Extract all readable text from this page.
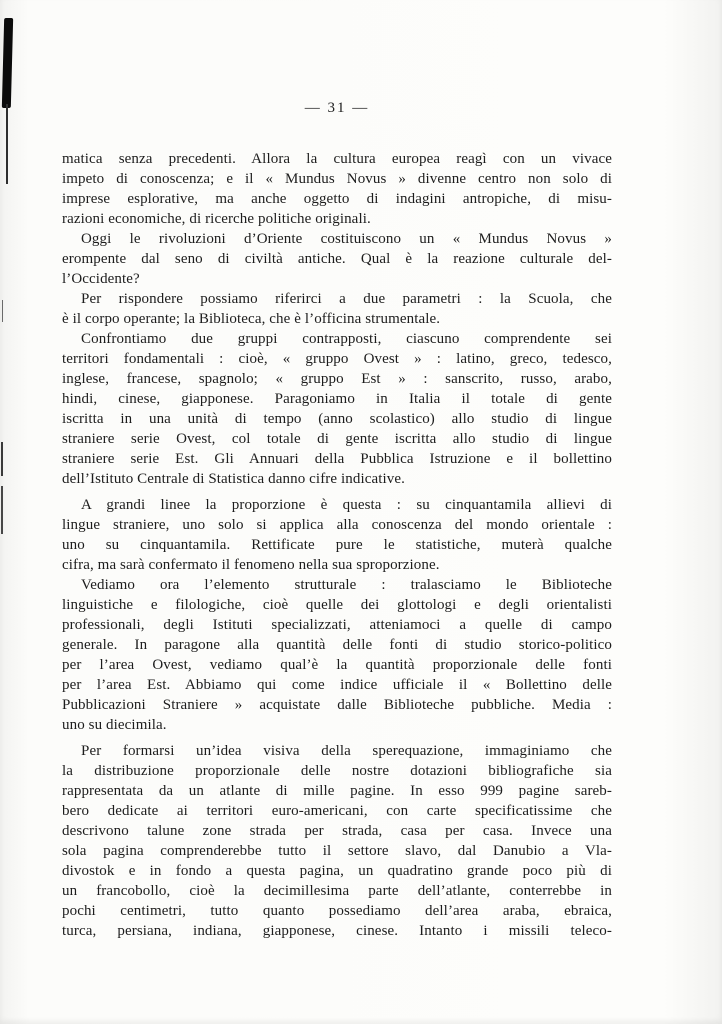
— 31 —
matica senza precedenti. Allora la cultura europea reagì con un vivace
impeto di conoscenza; e il « Mundus Novus » divenne centro non solo di
imprese esplorative, ma anche oggetto di indagini antropiche, di misu-
razioni economiche, di ricerche politiche originali.
Oggi le rivoluzioni d’Oriente costituiscono un « Mundus Novus »
erompente dal seno di civiltà antiche. Qual è la reazione culturale del-
l’Occidente?
Per rispondere possiamo riferirci a due parametri : la Scuola, che
è il corpo operante; la Biblioteca, che è l’officina strumentale.
Confrontiamo due gruppi contrapposti, ciascuno comprendente sei
territori fondamentali : cioè, « gruppo Ovest » : latino, greco, tedesco,
inglese, francese, spagnolo; « gruppo Est » : sanscrito, russo, arabo,
hindi, cinese, giapponese. Paragoniamo in Italia il totale di gente
iscritta in una unità di tempo (anno scolastico) allo studio di lingue
straniere serie Ovest, col totale di gente iscritta allo studio di lingue
straniere serie Est. Gli Annuari della Pubblica Istruzione e il bollettino
dell’Istituto Centrale di Statistica danno cifre indicative.
A grandi linee la proporzione è questa : su cinquantamila allievi di
lingue straniere, uno solo si applica alla conoscenza del mondo orientale :
uno su cinquantamila. Rettificate pure le statistiche, muterà qualche
cifra, ma sarà confermato il fenomeno nella sua sproporzione.
Vediamo ora l’elemento strutturale : tralasciamo le Biblioteche
linguistiche e filologiche, cioè quelle dei glottologi e degli orientalisti
professionali, degli Istituti specializzati, atteniamoci a quelle di campo
generale. In paragone alla quantità delle fonti di studio storico-politico
per l’area Ovest, vediamo qual’è la quantità proporzionale delle fonti
per l’area Est. Abbiamo qui come indice ufficiale il « Bollettino delle
Pubblicazioni Straniere » acquistate dalle Biblioteche pubbliche. Media :
uno su diecimila.
Per formarsi un’idea visiva della sperequazione, immaginiamo che
la distribuzione proporzionale delle nostre dotazioni bibliografiche sia
rappresentata da un atlante di mille pagine. In esso 999 pagine sareb-
bero dedicate ai territori euro-americani, con carte specificatissime che
descrivono talune zone strada per strada, casa per casa. Invece una
sola pagina comprenderebbe tutto il settore slavo, dal Danubio a Vla-
divostok e in fondo a questa pagina, un quadratino grande poco più di
un francobollo, cioè la decimillesima parte dell’atlante, conterrebbe in
pochi centimetri, tutto quanto possediamo dell’area araba, ebraica,
turca, persiana, indiana, giapponese, cinese. Intanto i missili teleco-
